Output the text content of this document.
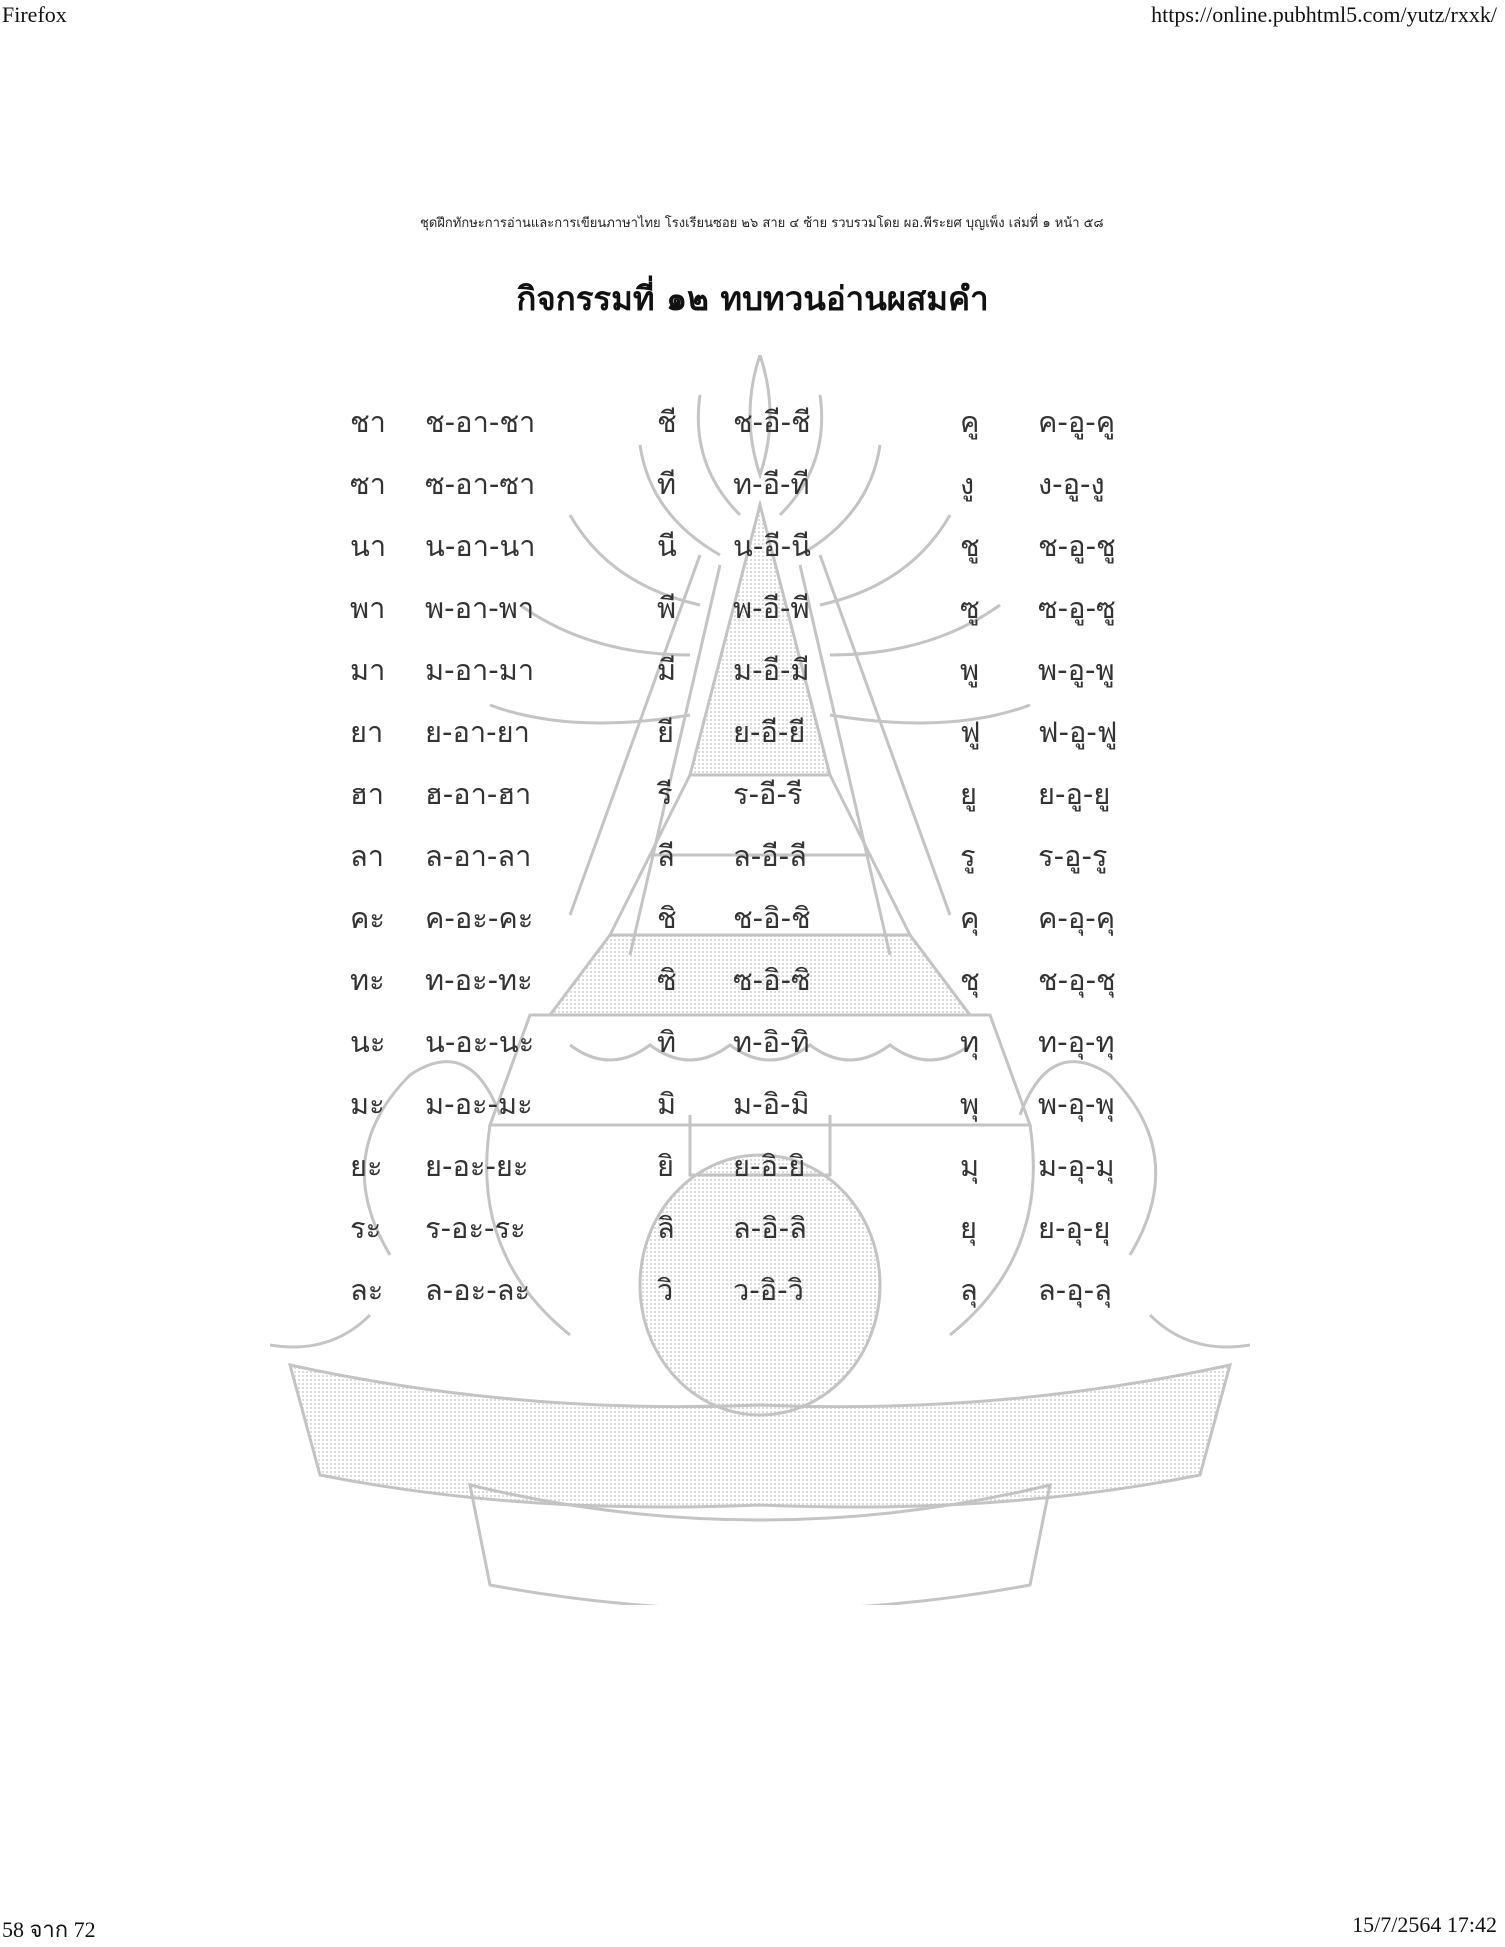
Firefox	https://online.pubhtml5.com/yutz/rxxk/
ชุดฝึกทักษะการอ่านและการเขียนภาษาไทย โรงเรียนซอย ๒๖ สาย ๔ ซ้าย รวบรวมโดย ผอ.พีระยศ บุญเพ็ง เล่มที่ ๑ หน้า ๕๘
กิจกรรมที่ ๑๒ ทบทวนอ่านผสมคำ
ชา ช-อา-ชา	ชี ช-อี-ชี	คู ค-อู-คู
ซา ซ-อา-ซา	ที ท-อี-ที	งู ง-อู-งู
นา น-อา-นา	นี น-อี-นี	ชู ช-อู-ชู
พา พ-อา-พา	พี พ-อี-พี	ซู ซ-อู-ซู
มา ม-อา-มา	มี ม-อี-มี	พู พ-อู-พู
ยา ย-อา-ยา	ยี ย-อี-ยี	ฟู ฟ-อู-ฟู
ฮา ฮ-อา-ฮา	รี ร-อี-รี	ยู ย-อู-ยู
ลา ล-อา-ลา	ลี ล-อี-ลี	รู ร-อู-รู
คะ ค-อะ-คะ	ชิ ช-อิ-ชิ	คุ ค-อุ-คุ
ทะ ท-อะ-ทะ	ซิ ซ-อิ-ซิ	ชุ ช-อุ-ชุ
นะ น-อะ-นะ	ทิ ท-อิ-ทิ	ทุ ท-อุ-ทุ
มะ ม-อะ-มะ	มิ ม-อิ-มิ	พุ พ-อุ-พุ
ยะ ย-อะ-ยะ	ยิ ย-อิ-ยิ	มุ ม-อุ-มุ
ระ ร-อะ-ระ	ลิ ล-อิ-ลิ	ยุ ย-อุ-ยุ
ละ ล-อะ-ละ	วิ ว-อิ-วิ	ลุ ล-อุ-ลุ
58 จาก 72	15/7/2564 17:42
